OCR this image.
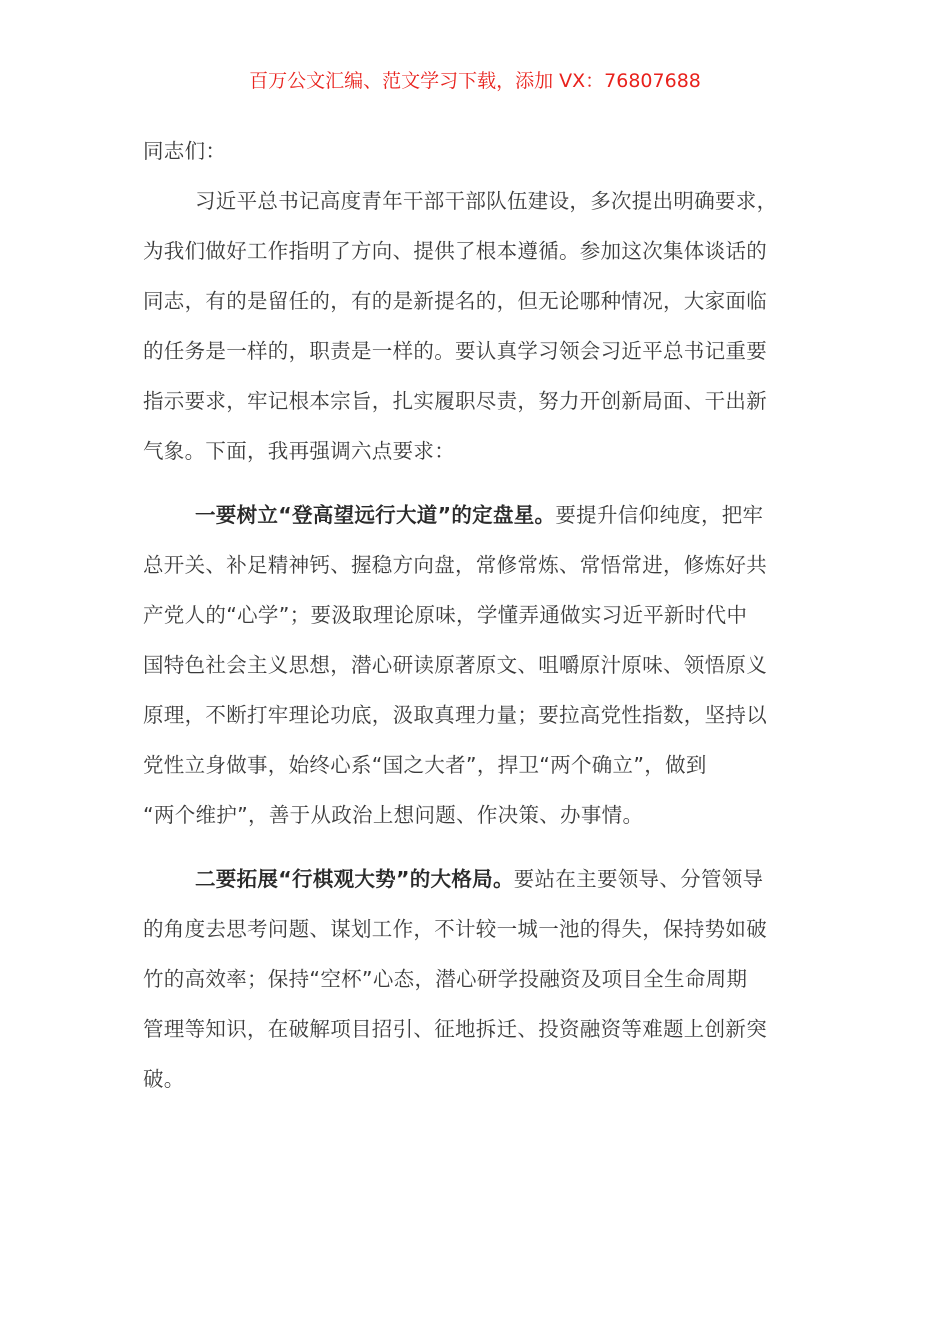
百万公文汇编、范文学习下载，添加 VX：76807688
同志们：
习近平总书记高度青年干部干部队伍建设，多次提出明确要求，
为我们做好工作指明了方向、提供了根本遵循。参加这次集体谈话的
同志，有的是留任的，有的是新提名的，但无论哪种情况，大家面临
的任务是一样的，职责是一样的。要认真学习领会习近平总书记重要
指示要求，牢记根本宗旨，扎实履职尽责，努力开创新局面、干出新
气象。下面，我再强调六点要求：
一要树立“登高望远行大道”的定盘星。要提升信仰纯度，把牢
总开关、补足精神钙、握稳方向盘，常修常炼、常悟常进，修炼好共
产党人的“心学”；要汲取理论原味，学懂弄通做实习近平新时代中
国特色社会主义思想，潜心研读原著原文、咀嚼原汁原味、领悟原义
原理，不断打牢理论功底，汲取真理力量；要拉高党性指数，坚持以
党性立身做事，始终心系“国之大者”，捍卫“两个确立”，做到
“两个维护”，善于从政治上想问题、作决策、办事情。
二要拓展“行棋观大势”的大格局。要站在主要领导、分管领导
的角度去思考问题、谋划工作，不计较一城一池的得失，保持势如破
竹的高效率；保持“空杯”心态，潜心研学投融资及项目全生命周期
管理等知识，在破解项目招引、征地拆迁、投资融资等难题上创新突
破。
